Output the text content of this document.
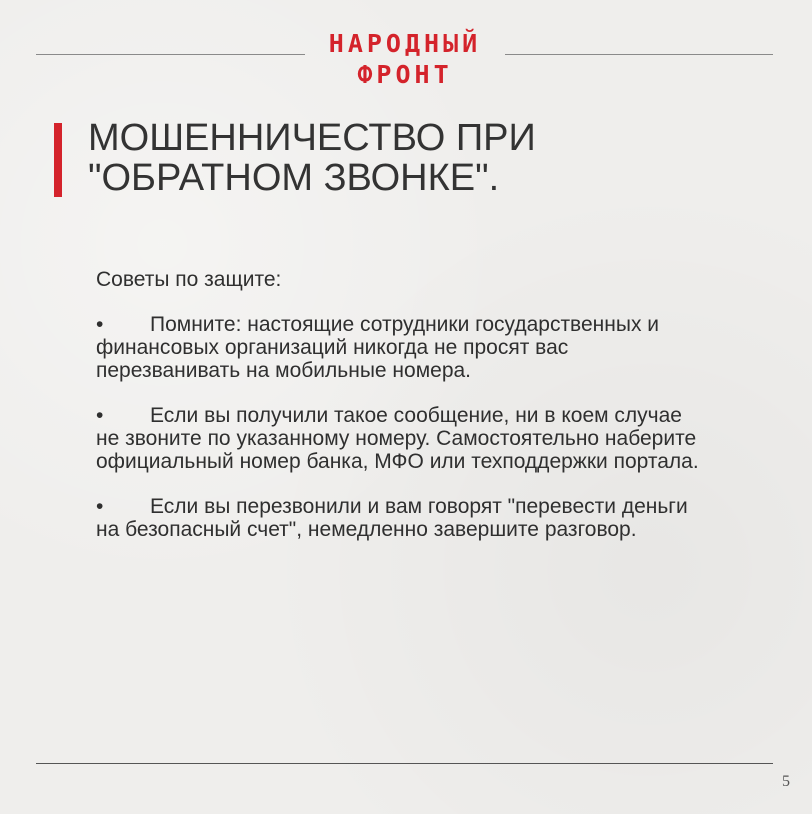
НАРОДНЫЙ
ФРОНТ
МОШЕННИЧЕСТВО ПРИ
"ОБРАТНОМ ЗВОНКЕ".

Советы по защите:

• Помните: настоящие сотрудники государственных и финансовых организаций никогда не просят вас перезванивать на мобильные номера.

• Если вы получили такое сообщение, ни в коем случае не звоните по указанному номеру. Самостоятельно наберите официальный номер банка, МФО или техподдержки портала.

• Если вы перезвонили и вам говорят "перевести деньги на безопасный счет", немедленно завершите разговор.

5
